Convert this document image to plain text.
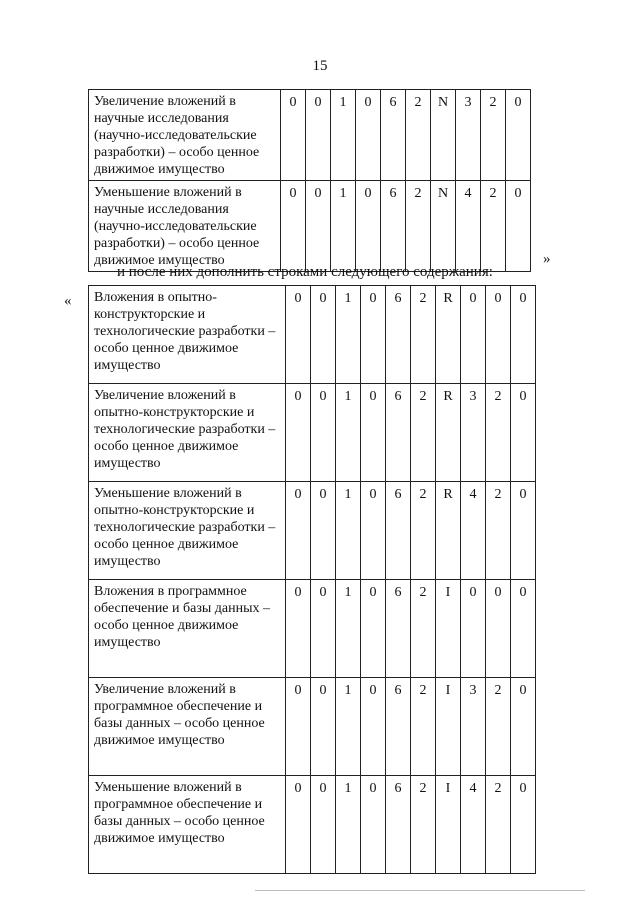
15
Увеличение вложений в научные исследования (научно-исследовательские разработки) – особо ценное движимое имущество	0	0	1	0	6	2	N	3	2	0
Уменьшение вложений в научные исследования (научно-исследовательские разработки) – особо ценное движимое имущество	0	0	1	0	6	2	N	4	2	0
»
и после них дополнить строками следующего содержания:
« Вложения в опытно-конструкторские и технологические разработки – особо ценное движимое имущество	0	0	1	0	6	2	R	0	0	0
Увеличение вложений в опытно-конструкторские и технологические разработки – особо ценное движимое имущество	0	0	1	0	6	2	R	3	2	0
Уменьшение вложений в опытно-конструкторские и технологические разработки – особо ценное движимое имущество	0	0	1	0	6	2	R	4	2	0
Вложения в программное обеспечение и базы данных – особо ценное движимое имущество	0	0	1	0	6	2	I	0	0	0
Увеличение вложений в программное обеспечение и базы данных – особо ценное движимое имущество	0	0	1	0	6	2	I	3	2	0
Уменьшение вложений в программное обеспечение и базы данных – особо ценное движимое имущество	0	0	1	0	6	2	I	4	2	0
